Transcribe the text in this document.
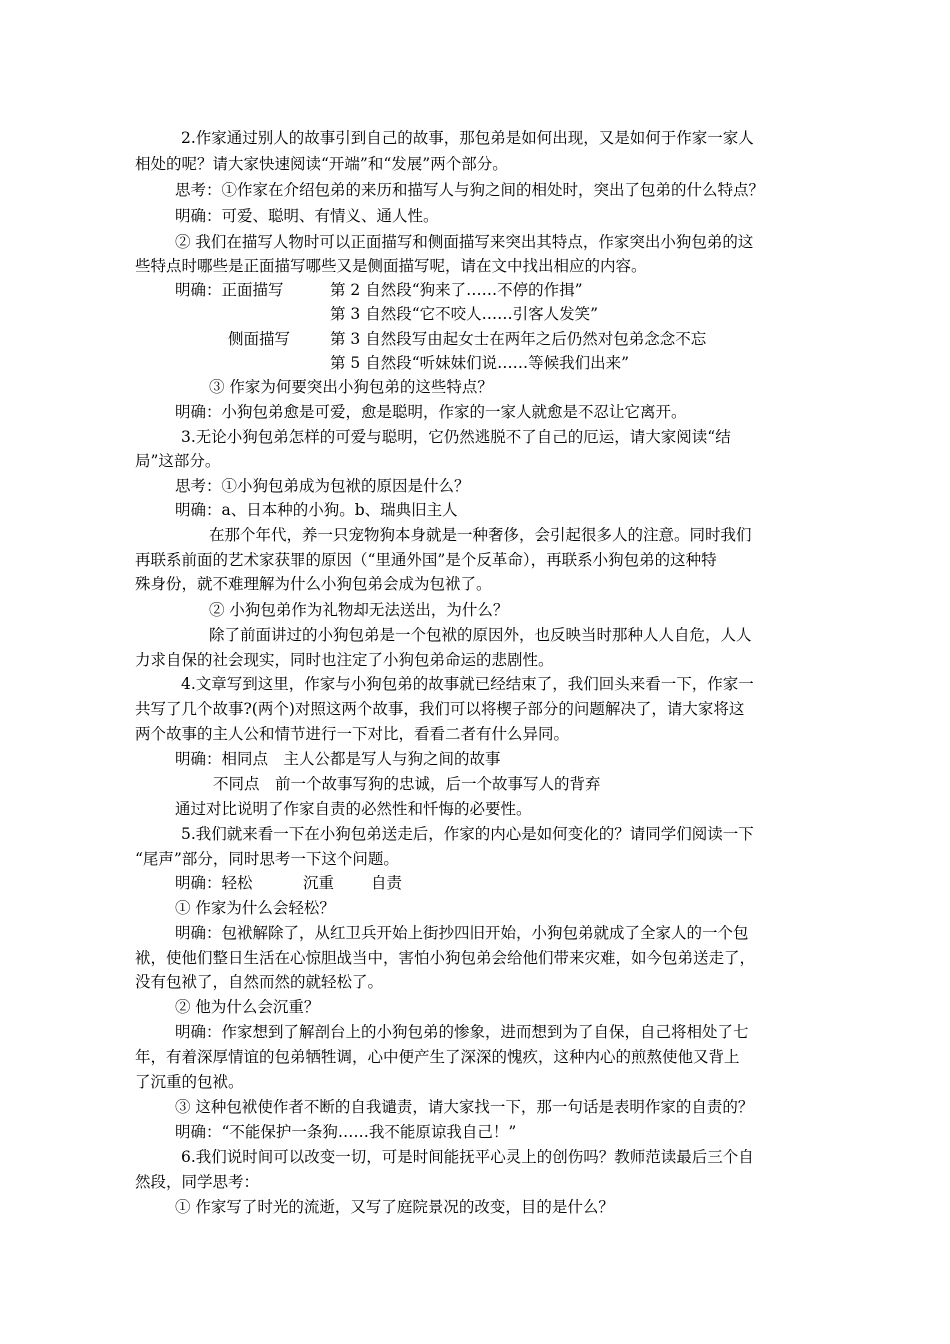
2.作家通过别人的故事引到自己的故事，那包弟是如何出现，又是如何于作家一家人
相处的呢？请大家快速阅读“开端”和“发展”两个部分。
思考：①作家在介绍包弟的来历和描写人与狗之间的相处时，突出了包弟的什么特点？
明确：可爱、聪明、有情义、通人性。
② 我们在描写人物时可以正面描写和侧面描写来突出其特点，作家突出小狗包弟的这
些特点时哪些是正面描写哪些又是侧面描写呢，请在文中找出相应的内容。
明确：正面描写	第 2 自然段“狗来了……不停的作揖”
第 3 自然段“它不咬人……引客人发笑”
侧面描写	第 3 自然段写由起女士在两年之后仍然对包弟念念不忘
第 5 自然段“听妹妹们说……等候我们出来”
③ 作家为何要突出小狗包弟的这些特点？
明确：小狗包弟愈是可爱，愈是聪明，作家的一家人就愈是不忍让它离开。
3.无论小狗包弟怎样的可爱与聪明，它仍然逃脱不了自己的厄运，请大家阅读“结
局”这部分。
思考：①小狗包弟成为包袱的原因是什么？
明确：a、日本种的小狗。b、瑞典旧主人
在那个年代，养一只宠物狗本身就是一种奢侈，会引起很多人的注意。同时我们
再联系前面的艺术家获罪的原因（“里通外国”是个反革命），再联系小狗包弟的这种特
殊身份，就不难理解为什么小狗包弟会成为包袱了。
② 小狗包弟作为礼物却无法送出，为什么？
除了前面讲过的小狗包弟是一个包袱的原因外，也反映当时那种人人自危，人人
力求自保的社会现实，同时也注定了小狗包弟命运的悲剧性。
4.文章写到这里，作家与小狗包弟的故事就已经结束了，我们回头来看一下，作家一
共写了几个故事?(两个)对照这两个故事，我们可以将楔子部分的问题解决了，请大家将这
两个故事的主人公和情节进行一下对比，看看二者有什么异同。
明确：相同点　主人公都是写人与狗之间的故事
不同点　前一个故事写狗的忠诚，后一个故事写人的背弃
通过对比说明了作家自责的必然性和忏悔的必要性。
5.我们就来看一下在小狗包弟送走后，作家的内心是如何变化的？请同学们阅读一下
“尾声”部分，同时思考一下这个问题。
明确：轻松	沉重 自责
① 作家为什么会轻松？
明确：包袱解除了，从红卫兵开始上街抄四旧开始，小狗包弟就成了全家人的一个包
袱，使他们整日生活在心惊胆战当中，害怕小狗包弟会给他们带来灾难，如今包弟送走了，
没有包袱了，自然而然的就轻松了。
② 他为什么会沉重？
明确：作家想到了解剖台上的小狗包弟的惨象，进而想到为了自保，自己将相处了七
年，有着深厚情谊的包弟牺牲调，心中便产生了深深的愧疚，这种内心的煎熬使他又背上
了沉重的包袱。
③ 这种包袱使作者不断的自我谴责，请大家找一下，那一句话是表明作家的自责的？
明确：“不能保护一条狗……我不能原谅我自己！”
6.我们说时间可以改变一切，可是时间能抚平心灵上的创伤吗？教师范读最后三个自
然段，同学思考：
① 作家写了时光的流逝，又写了庭院景况的改变，目的是什么？
